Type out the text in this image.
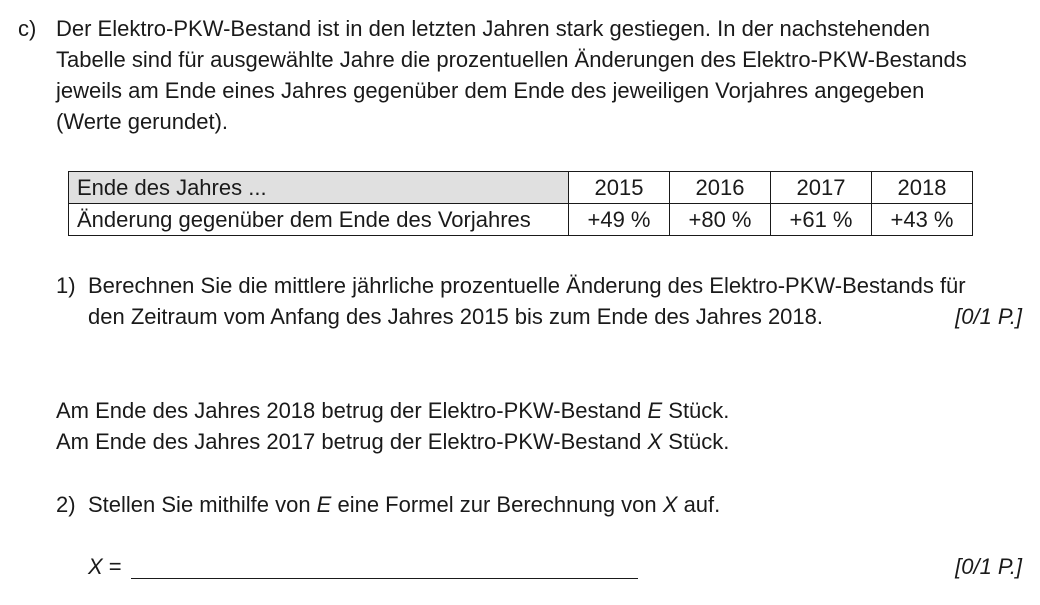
c) Der Elektro-PKW-Bestand ist in den letzten Jahren stark gestiegen. In der nachstehenden
Tabelle sind für ausgewählte Jahre die prozentuellen Änderungen des Elektro-PKW-Bestands
jeweils am Ende eines Jahres gegenüber dem Ende des jeweiligen Vorjahres angegeben
(Werte gerundet).

Ende des Jahres ...	2015	2016	2017	2018
Änderung gegenüber dem Ende des Vorjahres	+49 %	+80 %	+61 %	+43 %
1) Berechnen Sie die mittlere jährliche prozentuelle Änderung des Elektro-PKW-Bestands für
den Zeitraum vom Anfang des Jahres 2015 bis zum Ende des Jahres 2018.	[0/1 P.]
Am Ende des Jahres 2018 betrug der Elektro-PKW-Bestand E Stück.
Am Ende des Jahres 2017 betrug der Elektro-PKW-Bestand X Stück.
2) Stellen Sie mithilfe von E eine Formel zur Berechnung von X auf.
X =	[0/1 P.]
